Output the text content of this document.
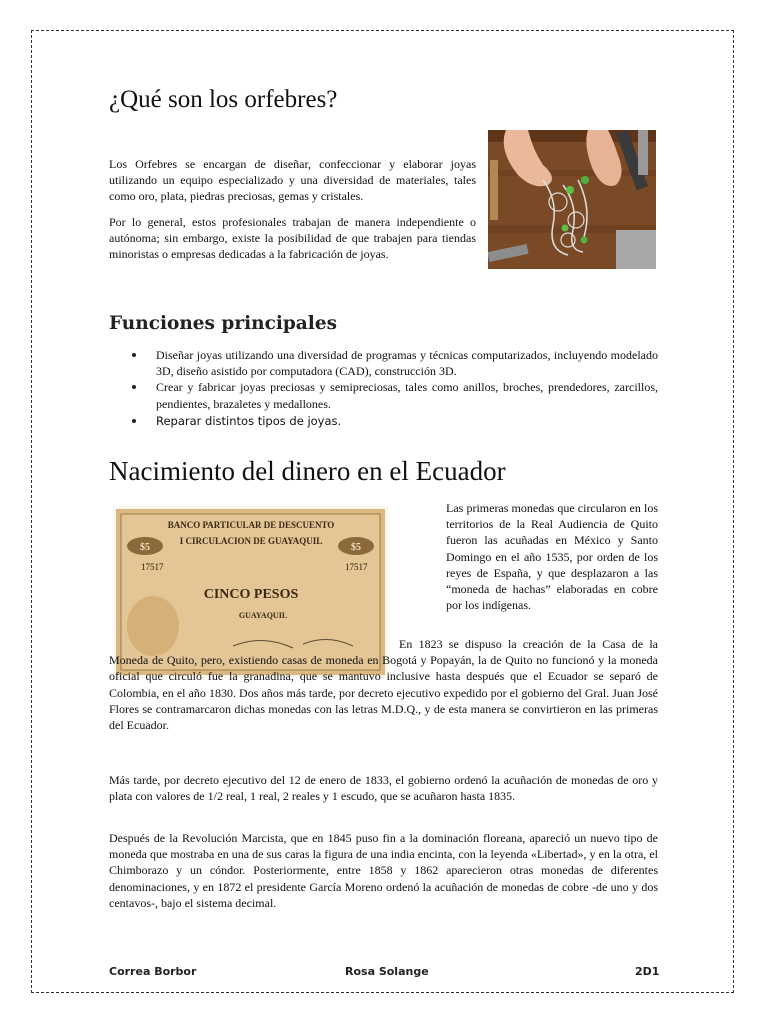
¿Qué son los orfebres?

Los Orfebres se encargan de diseñar, confeccionar y elaborar joyas utilizando un equipo especializado y una diversidad de materiales, tales como oro, plata, piedras preciosas, gemas y cristales.

Por lo general, estos profesionales trabajan de manera independiente o autónoma; sin embargo, existe la posibilidad de que trabajen para tiendas minoristas o empresas dedicadas a la fabricación de joyas.

Funciones principales
Diseñar joyas utilizando una diversidad de programas y técnicas computarizados, incluyendo modelado 3D, diseño asistido por computadora (CAD), construcción 3D.
Crear y fabricar joyas preciosas y semipreciosas, tales como anillos, broches, prendedores, zarcillos, pendientes, brazaletes y medallones.
Reparar distintos tipos de joyas.
Nacimiento del dinero en el Ecuador
BANCO PARTICULAR DE DESCUENTO
I CIRCULACION DE GUAYAQUIL
$5	$5
17517	17517
CINCO PESOS
GUAYAQUIL

Las primeras monedas que circularon en los territorios de la Real Audiencia de Quito fueron las acuñadas en México y Santo Domingo en el año 1535, por orden de los reyes de España, y que desplazaron a las “moneda de hachas” elaboradas en cobre por los indígenas.

En 1823 se dispuso la creación de la Casa de la Moneda de Quito, pero, existiendo casas de moneda en Bogotá y Popayán, la de Quito no funcionó y la moneda oficial que circuló fue la granadina, que se mantuvo inclusive hasta después que el Ecuador se separó de Colombia, en el año 1830. Dos años más tarde, por decreto ejecutivo expedido por el gobierno del Gral. Juan José Flores se contramarcaron dichas monedas con las letras M.D.Q., y de esta manera se convirtieron en las primeras del Ecuador.

Más tarde, por decreto ejecutivo del 12 de enero de 1833, el gobierno ordenó la acuñación de monedas de oro y plata con valores de 1/2 real, 1 real, 2 reales y 1 escudo, que se acuñaron hasta 1835.

Después de la Revolución Marcista, que en 1845 puso fin a la dominación floreana, apareció un nuevo tipo de moneda que mostraba en una de sus caras la figura de una india encinta, con la leyenda «Libertad», y en la otra, el Chimborazo y un cóndor. Posteriormente, entre 1858 y 1862 aparecieron otras monedas de diferentes denominaciones, y en 1872 el presidente García Moreno ordenó la acuñación de monedas de cobre -de uno y dos centavos-, bajo el sistema decimal.

Correa Borbor	Rosa Solange	2D1
